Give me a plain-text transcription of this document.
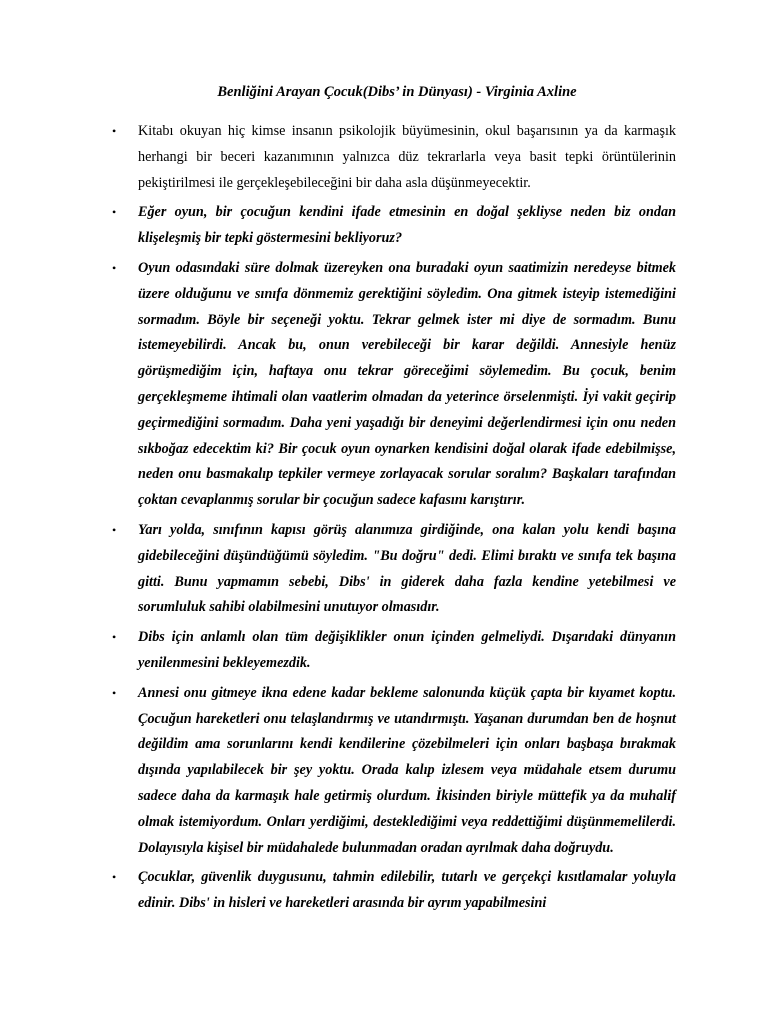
Benliğini Arayan Çocuk(Dibs’ in Dünyası) - Virginia Axline
• Kitabı okuyan hiç kimse insanın psikolojik büyümesinin, okul başarısının ya da karmaşık herhangi bir beceri kazanımının yalnızca düz tekrarlarla veya basit tepki örüntülerinin pekiştirilmesi ile gerçekleşebileceğini bir daha asla düşünmeyecektir.
• Eğer oyun, bir çocuğun kendini ifade etmesinin en doğal şekliyse neden biz ondan klişeleşmiş bir tepki göstermesini bekliyoruz?
• Oyun odasındaki süre dolmak üzereyken ona buradaki oyun saatimizin neredeyse bitmek üzere olduğunu ve sınıfa dönmemiz gerektiğini söyledim. Ona gitmek isteyip istemediğini sormadım. Böyle bir seçeneği yoktu. Tekrar gelmek ister mi diye de sormadım. Bunu istemeyebilirdi. Ancak bu, onun verebileceği bir karar değildi. Annesiyle henüz görüşmediğim için, haftaya onu tekrar göreceğimi söylemedim. Bu çocuk, benim gerçekleşmeme ihtimali olan vaatlerim olmadan da yeterince örselenmişti. İyi vakit geçirip geçirmediğini sormadım. Daha yeni yaşadığı bir deneyimi değerlendirmesi için onu neden sıkboğaz edecektim ki? Bir çocuk oyun oynarken kendisini doğal olarak ifade edebilmişse, neden onu basmakalıp tepkiler vermeye zorlayacak sorular soralım? Başkaları tarafından çoktan cevaplanmış sorular bir çocuğun sadece kafasını karıştırır.
• Yarı yolda, sınıfının kapısı görüş alanımıza girdiğinde, ona kalan yolu kendi başına gidebileceğini düşündüğümü söyledim. "Bu doğru" dedi. Elimi bıraktı ve sınıfa tek başına gitti. Bunu yapmamın sebebi, Dibs' in giderek daha fazla kendine yetebilmesi ve sorumluluk sahibi olabilmesini unutuyor olmasıdır.
• Dibs için anlamlı olan tüm değişiklikler onun içinden gelmeliydi. Dışarıdaki dünyanın yenilenmesini bekleyemezdik.
• Annesi onu gitmeye ikna edene kadar bekleme salonunda küçük çapta bir kıyamet koptu. Çocuğun hareketleri onu telaşlandırmış ve utandırmıştı. Yaşanan durumdan ben de hoşnut değildim ama sorunlarını kendi kendilerine çözebilmeleri için onları başbaşa bırakmak dışında yapılabilecek bir şey yoktu. Orada kalıp izlesem veya müdahale etsem durumu sadece daha da karmaşık hale getirmiş olurdum. İkisinden biriyle müttefik ya da muhalif olmak istemiyordum. Onları yerdiğimi, desteklediğimi veya reddettiğimi düşünmemelilerdi. Dolayısıyla kişisel bir müdahalede bulunmadan oradan ayrılmak daha doğruydu.
• Çocuklar, güvenlik duygusunu, tahmin edilebilir, tutarlı ve gerçekçi kısıtlamalar yoluyla edinir. Dibs' in hisleri ve hareketleri arasında bir ayrım yapabilmesini
